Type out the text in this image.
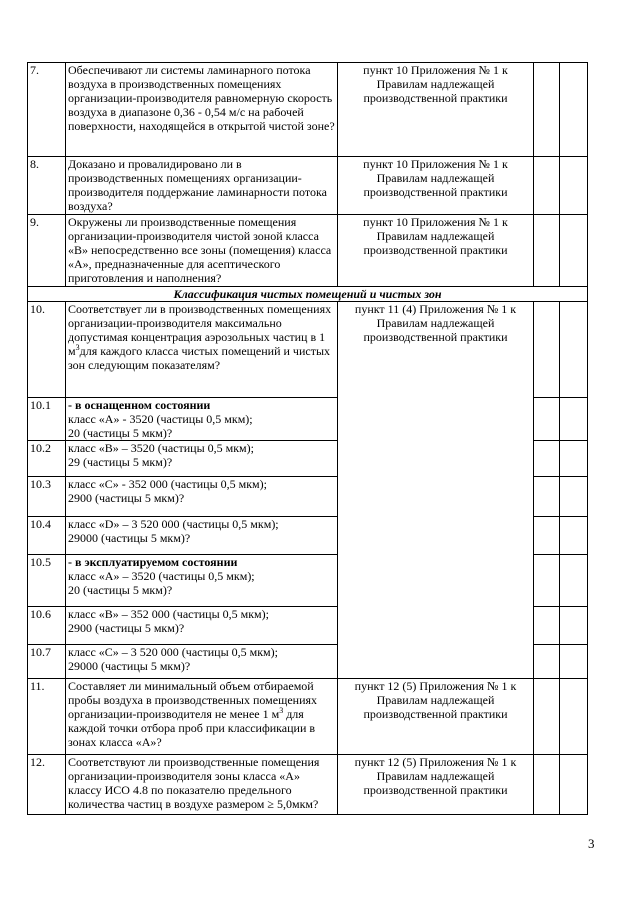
7.	Обеспечивают ли системы ламинарного потока воздуха в производственных помещениях организации-производителя равномерную скорость воздуха в диапазоне 0,36 - 0,54 м/с на рабочей поверхности, находящейся в открытой чистой зоне?	пункт 10 Приложения № 1 к Правилам надлежащей производственной практики		
8.	Доказано и провалидировано ли в производственных помещениях организации-производителя поддержание ламинарности потока воздуха?	пункт 10 Приложения № 1 к Правилам надлежащей производственной практики		
9.	Окружены ли производственные помещения организации-производителя чистой зоной класса «В» непосредственно все зоны (помещения) класса «А», предназначенные для асептического приготовления и наполнения?	пункт 10 Приложения № 1 к Правилам надлежащей производственной практики		
Классификация чистых помещений и чистых зон				
10.	Соответствует ли в производственных помещениях организации-производителя максимально допустимая концентрация аэрозольных частиц в 1 $м^3для$ каждого класса чистых помещений и чистых зон следующим показателям?	пункт 11 (4) Приложения № 1 к Правилам надлежащей производственной практики		
10.1	- в оснащенном состоянии
класс «А» - 3520 (частицы 0,5 мкм);
20 (частицы 5 мкм)?			

10.2	класс «В» – 3520 (частицы 0,5 мкм);
29 (частицы 5 мкм)?			

10.3	класс «С» - 352 000 (частицы 0,5 мкм);
2900 (частицы 5 мкм)?			

10.4	класс «D» – 3 520 000 (частицы 0,5 мкм);
29000 (частицы 5 мкм)?			

10.5	- в эксплуатируемом состоянии
класс «А» – 3520 (частицы 0,5 мкм);
20 (частицы 5 мкм)?			

10.6	класс «В» – 352 000 (частицы 0,5 мкм);
2900 (частицы 5 мкм)?			

10.7	класс «С» – 3 520 000 (частицы 0,5 мкм);
29000 (частицы 5 мкм)?			

11.	Составляет ли минимальный объем отбираемой пробы воздуха в производственных помещениях организации-производителя не менее 1 $м^3$ для каждой точки отбора проб при классификации в зонах класса «А»?	пункт 12 (5) Приложения № 1 к Правилам надлежащей производственной практики		
12.	Соответствуют ли производственные помещения организации-производителя зоны класса «А» классу ИСО 4.8 по показателю предельного количества частиц в воздухе размером ≥ 5,0мкм?	пункт 12 (5) Приложения № 1 к Правилам надлежащей производственной практики		
3
